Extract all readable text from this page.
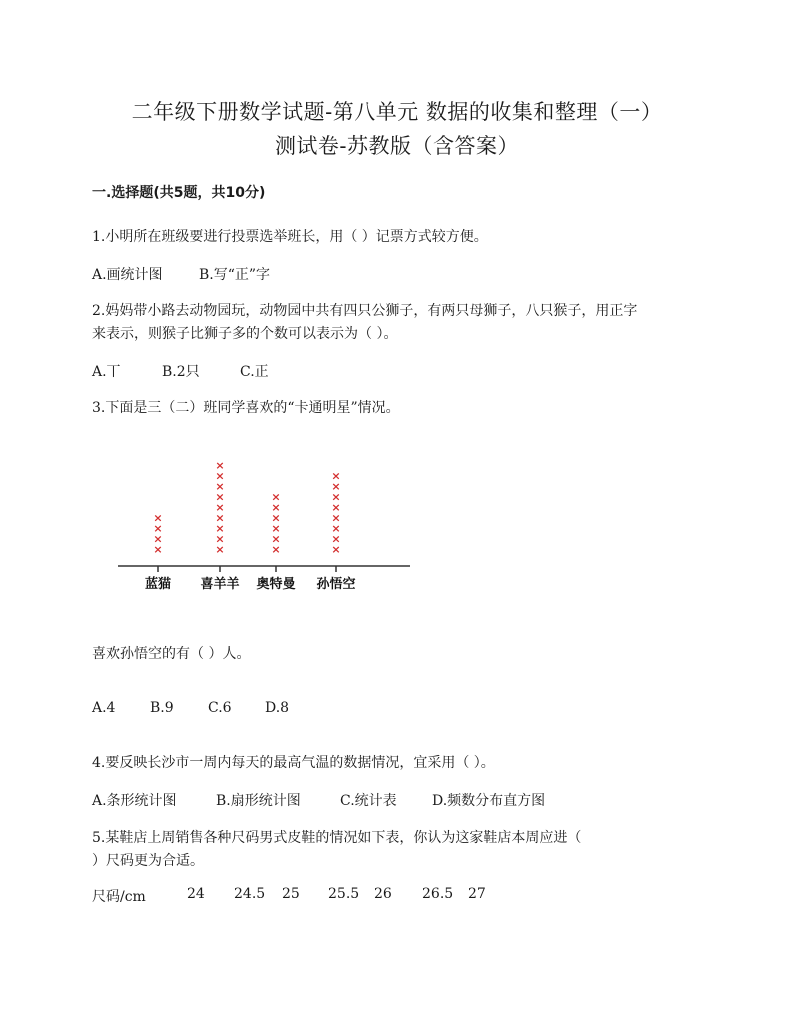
二年级下册数学试题-第八单元 数据的收集和整理（一）
测试卷-苏教版（含答案）
一.选择题(共5题，共10分)
1.小明所在班级要进行投票选举班长，用（ ）记票方式较方便。
A.画统计图	B.写“正”字
2.妈妈带小路去动物园玩，动物园中共有四只公狮子，有两只母狮子，八只猴子，用正字
来表示，则猴子比狮子多的个数可以表示为（ ）。
A.丅	B.2只	C.正
3.下面是三（二）班同学喜欢的“卡通明星”情况。
×
×
×
×
×
×
×
×
×
×
×
×
×
×
×
×
×
×
×
×
×
×
×
×
×
×
×
蓝猫 喜羊羊 奥特曼 孙悟空
喜欢孙悟空的有（ ）人。
A.4 B.9 C.6 D.8
4.要反映长沙市一周内每天的最高气温的数据情况，宜采用（ ）。
A.条形统计图	B.扇形统计图	C.统计表	D.频数分布直方图
5.某鞋店上周销售各种尺码男式皮鞋的情况如下表，你认为这家鞋店本周应进（
）尺码更为合适。
尺码/cm	24 24.5 25 25.5 26 26.5 27
